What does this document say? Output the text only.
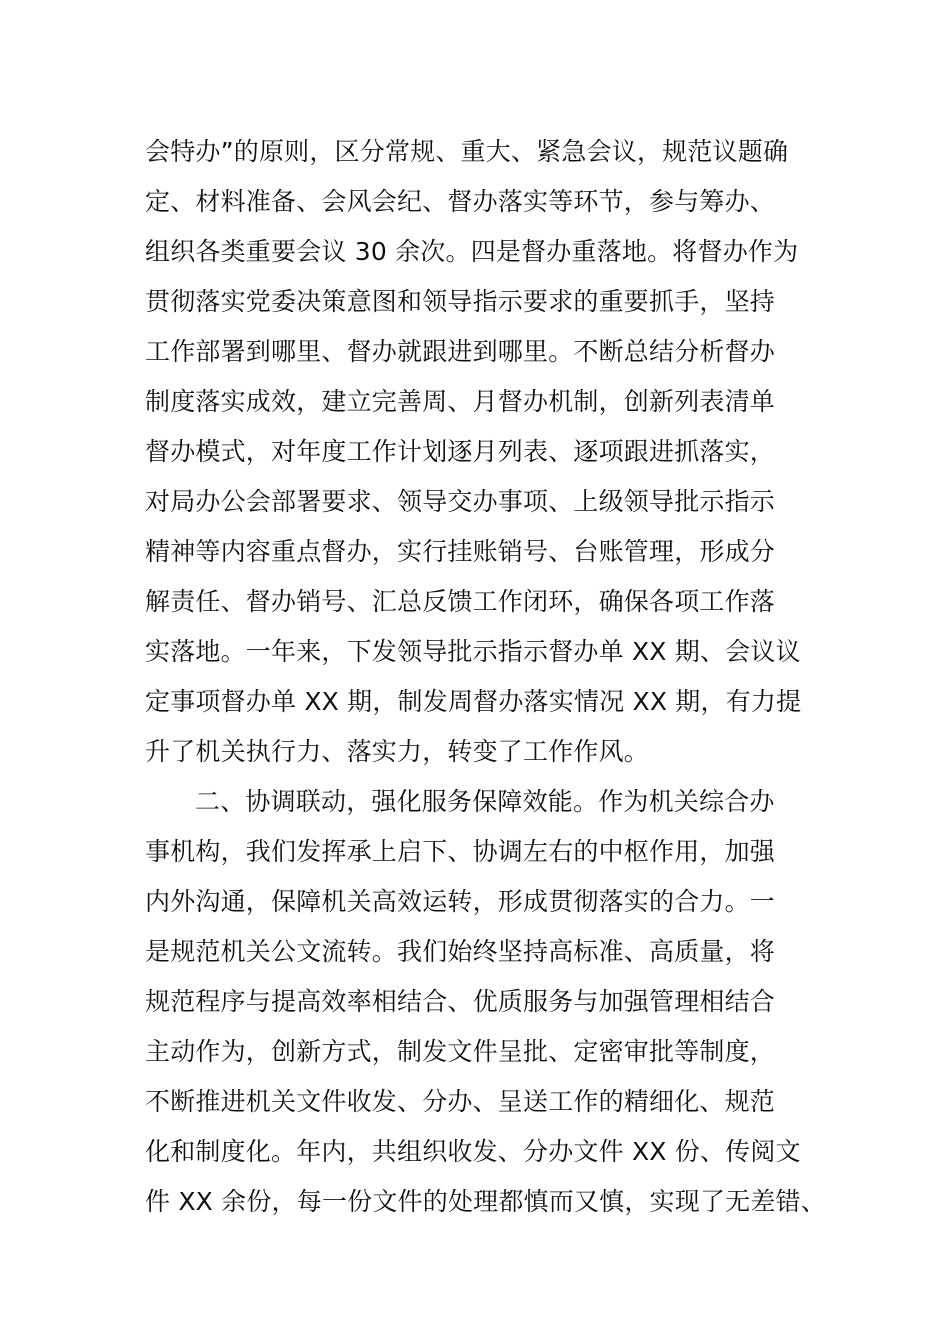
会特办”的原则，区分常规、重大、紧急会议，规范议题确
定、材料准备、会风会纪、督办落实等环节，参与筹办、
组织各类重要会议 30 余次。四是督办重落地。将督办作为
贯彻落实党委决策意图和领导指示要求的重要抓手，坚持
工作部署到哪里、督办就跟进到哪里。不断总结分析督办
制度落实成效，建立完善周、月督办机制，创新列表清单
督办模式，对年度工作计划逐月列表、逐项跟进抓落实，
对局办公会部署要求、领导交办事项、上级领导批示指示
精神等内容重点督办，实行挂账销号、台账管理，形成分
解责任、督办销号、汇总反馈工作闭环，确保各项工作落
实落地。一年来，下发领导批示指示督办单 XX 期、会议议
定事项督办单 XX 期，制发周督办落实情况 XX 期，有力提
升了机关执行力、落实力，转变了工作作风。
二、协调联动，强化服务保障效能。作为机关综合办
事机构，我们发挥承上启下、协调左右的中枢作用，加强
内外沟通，保障机关高效运转，形成贯彻落实的合力。一
是规范机关公文流转。我们始终坚持高标准、高质量，将
规范程序与提高效率相结合、优质服务与加强管理相结合
主动作为，创新方式，制发文件呈批、定密审批等制度，
不断推进机关文件收发、分办、呈送工作的精细化、规范
化和制度化。年内，共组织收发、分办文件 XX 份、传阅文
件 XX 余份，每一份文件的处理都慎而又慎，实现了无差错、
